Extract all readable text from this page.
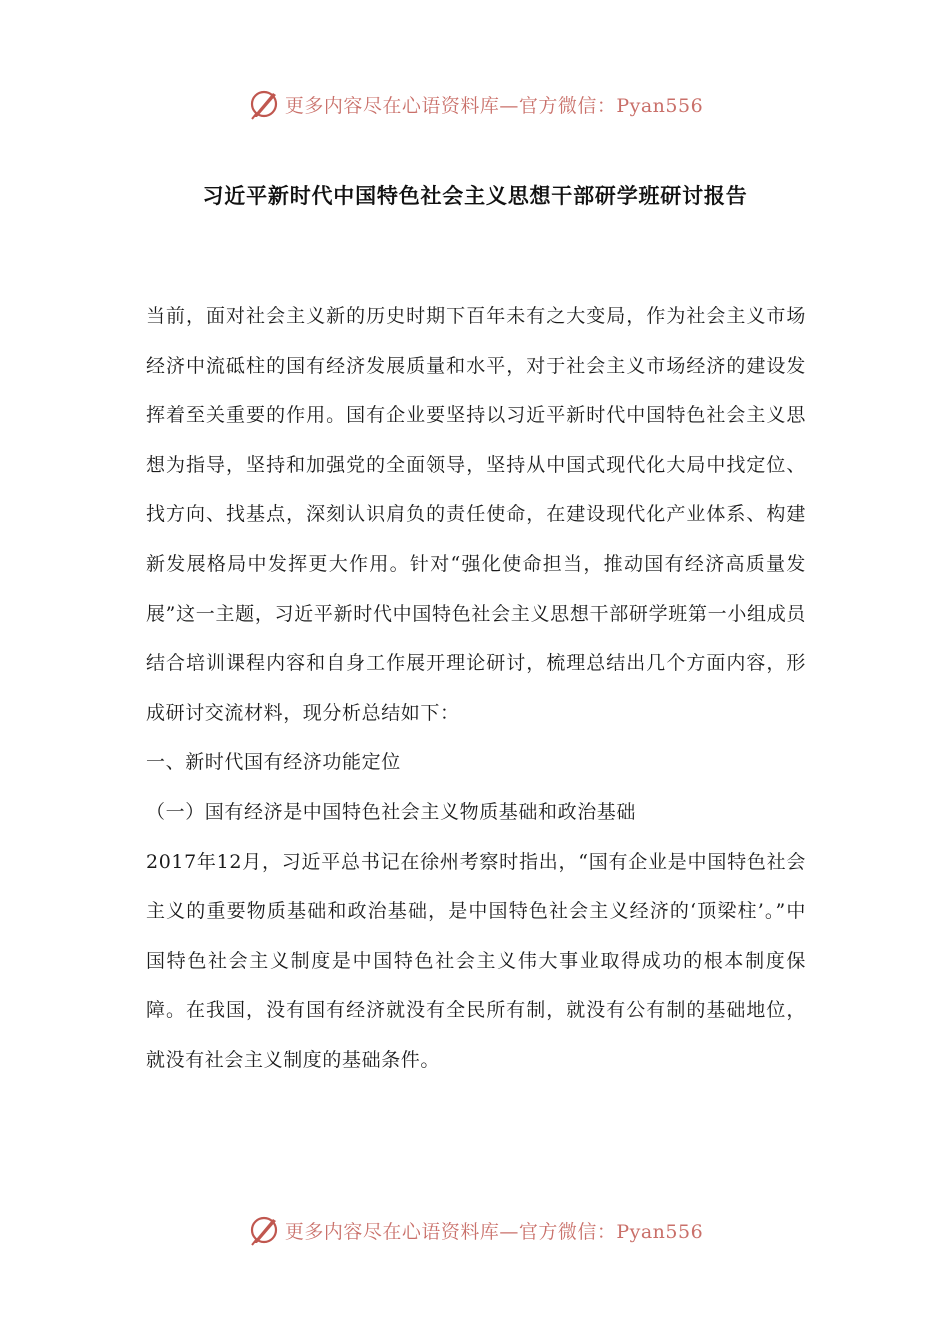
更多内容尽在心语资料库—官方微信：Pyan556
习近平新时代中国特色社会主义思想干部研学班研讨报告

当前，面对社会主义新的历史时期下百年未有之大变局，作为社会主义市场经济中流砥柱的国有经济发展质量和水平，对于社会主义市场经济的建设发挥着至关重要的作用。国有企业要坚持以习近平新时代中国特色社会主义思想为指导，坚持和加强党的全面领导，坚持从中国式现代化大局中找定位、找方向、找基点，深刻认识肩负的责任使命，在建设现代化产业体系、构建新发展格局中发挥更大作用。针对“强化使命担当，推动国有经济高质量发展”这一主题，习近平新时代中国特色社会主义思想干部研学班第一小组成员结合培训课程内容和自身工作展开理论研讨，梳理总结出几个方面内容，形成研讨交流材料，现分析总结如下：

一、新时代国有经济功能定位

（一）国有经济是中国特色社会主义物质基础和政治基础

2017年12月，习近平总书记在徐州考察时指出，“国有企业是中国特色社会主义的重要物质基础和政治基础，是中国特色社会主义经济的‘顶梁柱’。”中国特色社会主义制度是中国特色社会主义伟大事业取得成功的根本制度保障。在我国，没有国有经济就没有全民所有制，就没有公有制的基础地位，就没有社会主义制度的基础条件。

更多内容尽在心语资料库—官方微信：Pyan556
